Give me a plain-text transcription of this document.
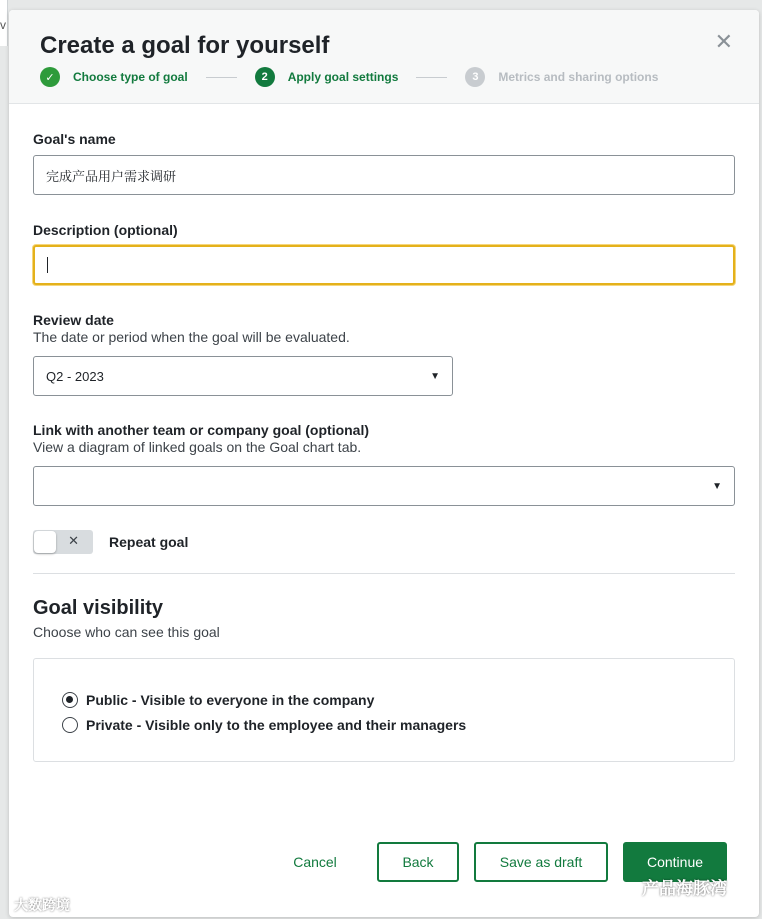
v
Create a goal for yourself	✕
✓	Choose type of goal	2	Apply goal settings	3	Metrics and sharing options
Goal's name
完成产品用户需求调研
Description (optional)
Review date
The date or period when the goal will be evaluated.
Q2 - 2023	▼
Link with another team or company goal (optional)
View a diagram of linked goals on the Goal chart tab.
▼
✕ Repeat goal
Goal visibility
Choose who can see this goal
Public - Visible to everyone in the company
Private - Visible only to the employee and their managers
Cancel	Back	Save as draft	Continue
大数跨境
产品海豚湾
